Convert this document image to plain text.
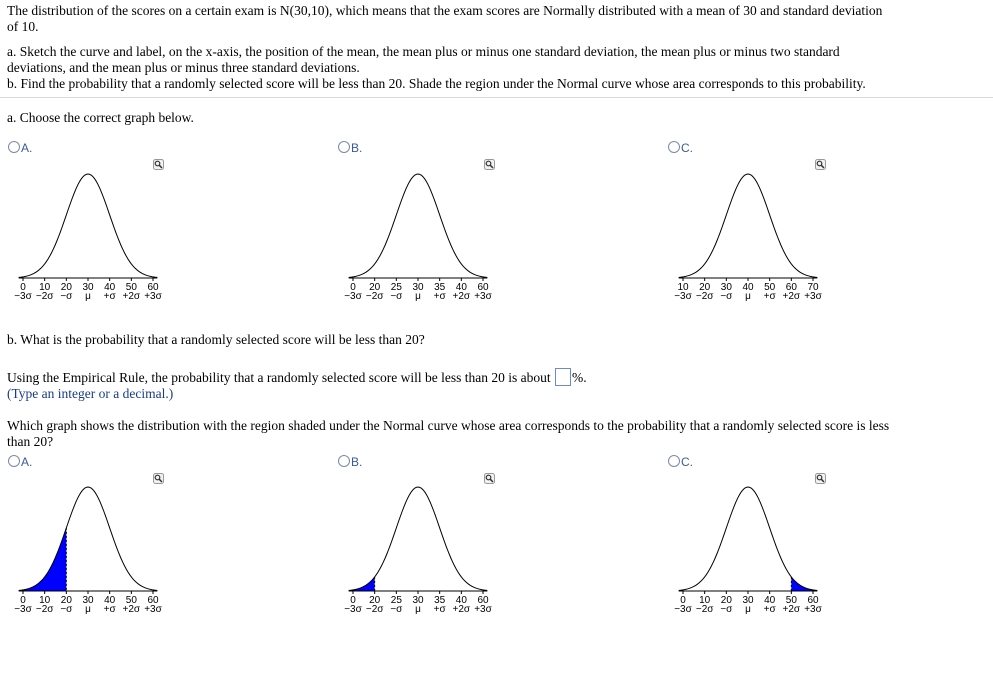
The distribution of the scores on a certain exam is N(30,10), which means that the exam scores are Normally distributed with a mean of 30 and standard deviation
of 10.
a. Sketch the curve and label, on the x-axis, the position of the mean, the mean plus or minus one standard deviation, the mean plus or minus two standard
deviations, and the mean plus or minus three standard deviations.
b. Find the probability that a randomly selected score will be less than 20. Shade the region under the Normal curve whose area corresponds to this probability.
a. Choose the correct graph below.
A.	B.	C.
0
−3σ
10
−2σ
20
−σ
30
μ
40
+σ
50
+2σ
60
+3σ
0
−3σ
20
−2σ
25
−σ
30
μ
35
+σ
40
+2σ
60
+3σ
10
−3σ
20
−2σ
30
−σ
40
μ
50
+σ
60
+2σ
70
+3σ
b. What is the probability that a randomly selected score will be less than 20?
Using the Empirical Rule, the probability that a randomly selected score will be less than 20 is about %.
(Type an integer or a decimal.)
Which graph shows the distribution with the region shaded under the Normal curve whose area corresponds to the probability that a randomly selected score is less
than 20?
A.	B.	C.
0
−3σ
10
−2σ
20
−σ
30
μ
40
+σ
50
+2σ
60
+3σ
0
−3σ
20
−2σ
25
−σ
30
μ
35
+σ
40
+2σ
60
+3σ
0
−3σ
10
−2σ
20
−σ
30
μ
40
+σ
50
+2σ
60
+3σ
